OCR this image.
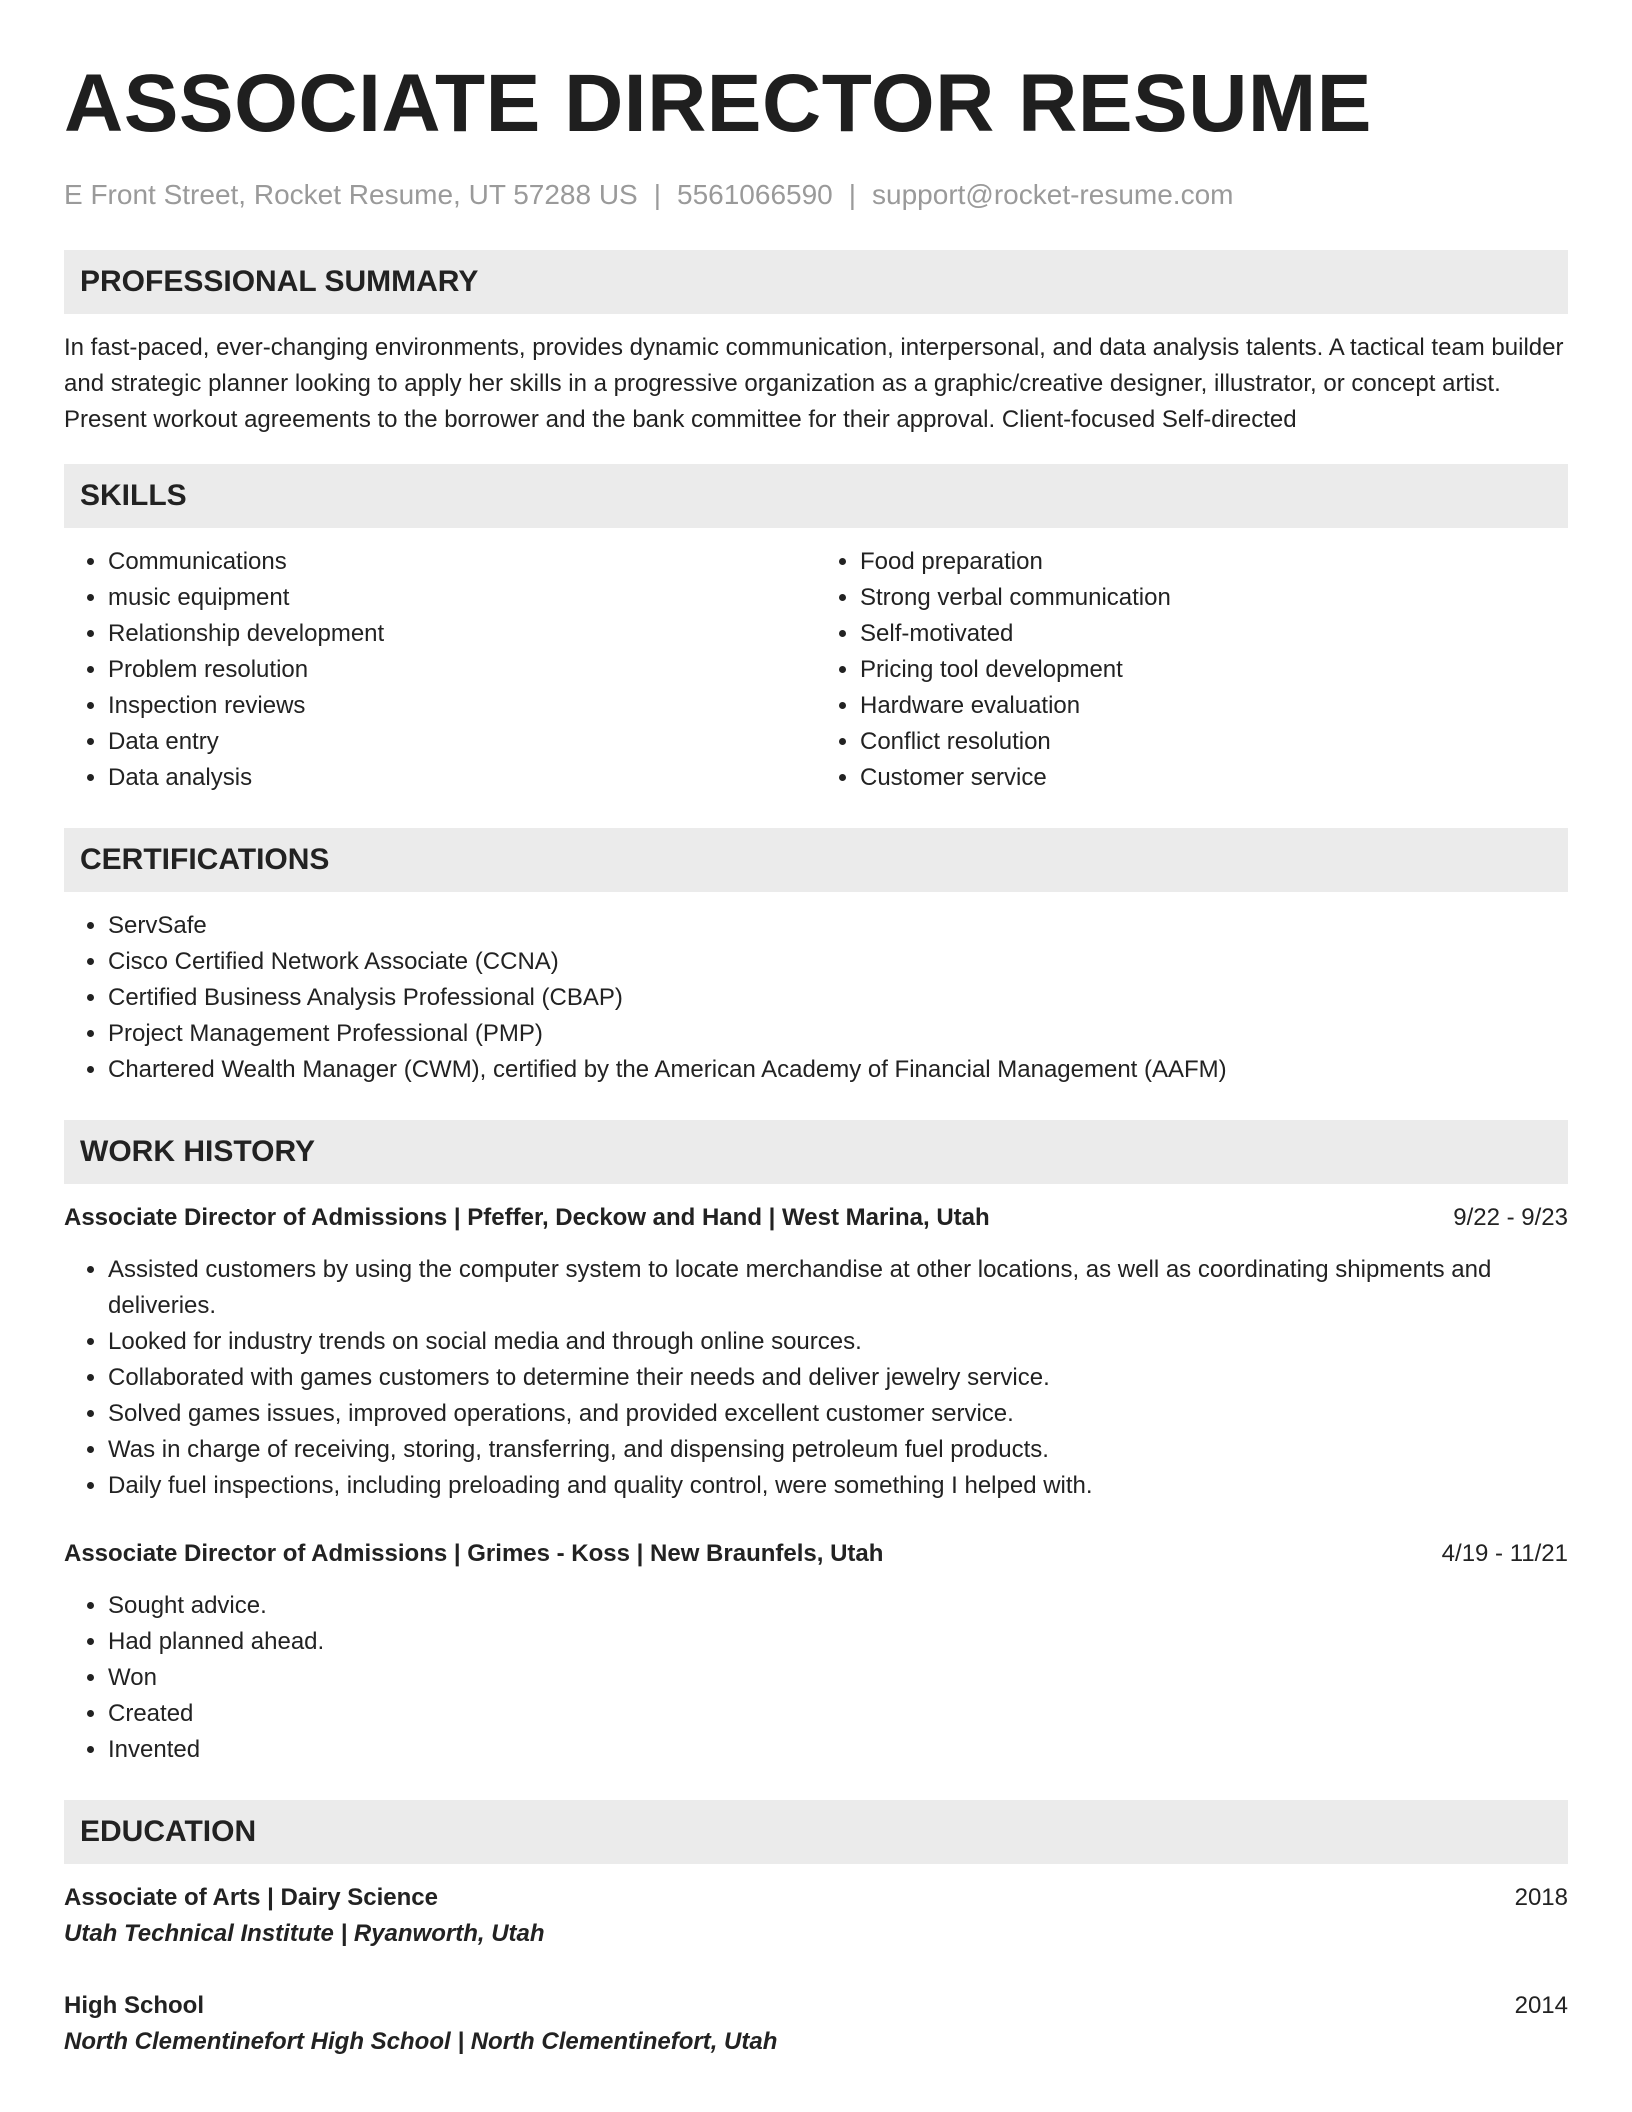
ASSOCIATE DIRECTOR RESUME
E Front Street, Rocket Resume, UT 57288 US | 5561066590 | support@rocket-resume.com
PROFESSIONAL SUMMARY

In fast-paced, ever-changing environments, provides dynamic communication, interpersonal, and data analysis talents. A tactical team builder and strategic planner looking to apply her skills in a progressive organization as a graphic/creative designer, illustrator, or concept artist. Present workout agreements to the borrower and the bank committee for their approval. Client-focused Self-directed

SKILLS
• Communications
• music equipment
• Relationship development
• Problem resolution
• Inspection reviews
• Data entry
• Data analysis
• Food preparation
• Strong verbal communication
• Self-motivated
• Pricing tool development
• Hardware evaluation
• Conflict resolution
• Customer service
CERTIFICATIONS
• ServSafe
• Cisco Certified Network Associate (CCNA)
• Certified Business Analysis Professional (CBAP)
• Project Management Professional (PMP)
• Chartered Wealth Manager (CWM), certified by the American Academy of Financial Management (AAFM)
WORK HISTORY
Associate Director of Admissions | Pfeffer, Deckow and Hand | West Marina, Utah	9/22 - 9/23
• Assisted customers by using the computer system to locate merchandise at other locations, as well as coordinating shipments and deliveries.
• Looked for industry trends on social media and through online sources.
• Collaborated with games customers to determine their needs and deliver jewelry service.
• Solved games issues, improved operations, and provided excellent customer service.
• Was in charge of receiving, storing, transferring, and dispensing petroleum fuel products.
• Daily fuel inspections, including preloading and quality control, were something I helped with.
Associate Director of Admissions | Grimes - Koss | New Braunfels, Utah	4/19 - 11/21
• Sought advice.
• Had planned ahead.
• Won
• Created
• Invented
EDUCATION
Associate of Arts | Dairy Science	2018
Utah Technical Institute | Ryanworth, Utah
High School	2014
North Clementinefort High School | North Clementinefort, Utah
